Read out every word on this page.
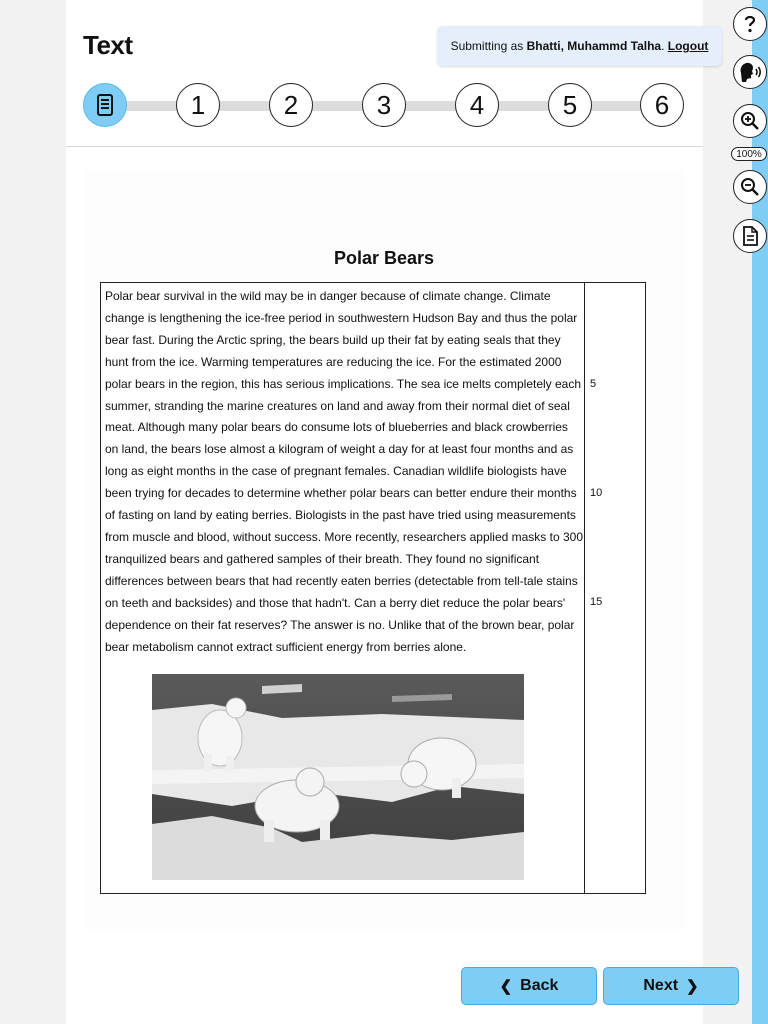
Text	Submitting as Bhatti, Muhammd Talha . Logout
1	2	3	4	5	6
Polar Bears

Polar bear survival in the wild may be in danger because of climate change. Climate change is lengthening the ice-free period in southwestern Hudson Bay and thus the polar bear fast. During the Arctic spring, the bears build up their fat by eating seals that they hunt from the ice. Warming temperatures are reducing the ice. For the estimated 2000 polar bears in the region, this has serious implications. The sea ice melts completely each summer, stranding the marine creatures on land and away from their normal diet of seal meat. Although many polar bears do consume lots of blueberries and black crowberries on land, the bears lose almost a kilogram of weight a day for at least four months and as long as eight months in the case of pregnant females. Canadian wildlife biologists have been trying for decades to determine whether polar bears can better endure their months of fasting on land by eating berries. Biologists in the past have tried using measurements from muscle and blood, without success. More recently, researchers applied masks to 300 tranquilized bears and gathered samples of their breath. They found no significant differences between bears that had recently eaten berries (detectable from tell-tale stains on teeth and backsides) and those that hadn't. Can a berry diet reduce the polar bears' dependence on their fat reserves? The answer is no. Unlike that of the brown bear, polar bear metabolism cannot extract sufficient energy from berries alone.

5
10
15
100%
❮ Back	Next ❯
